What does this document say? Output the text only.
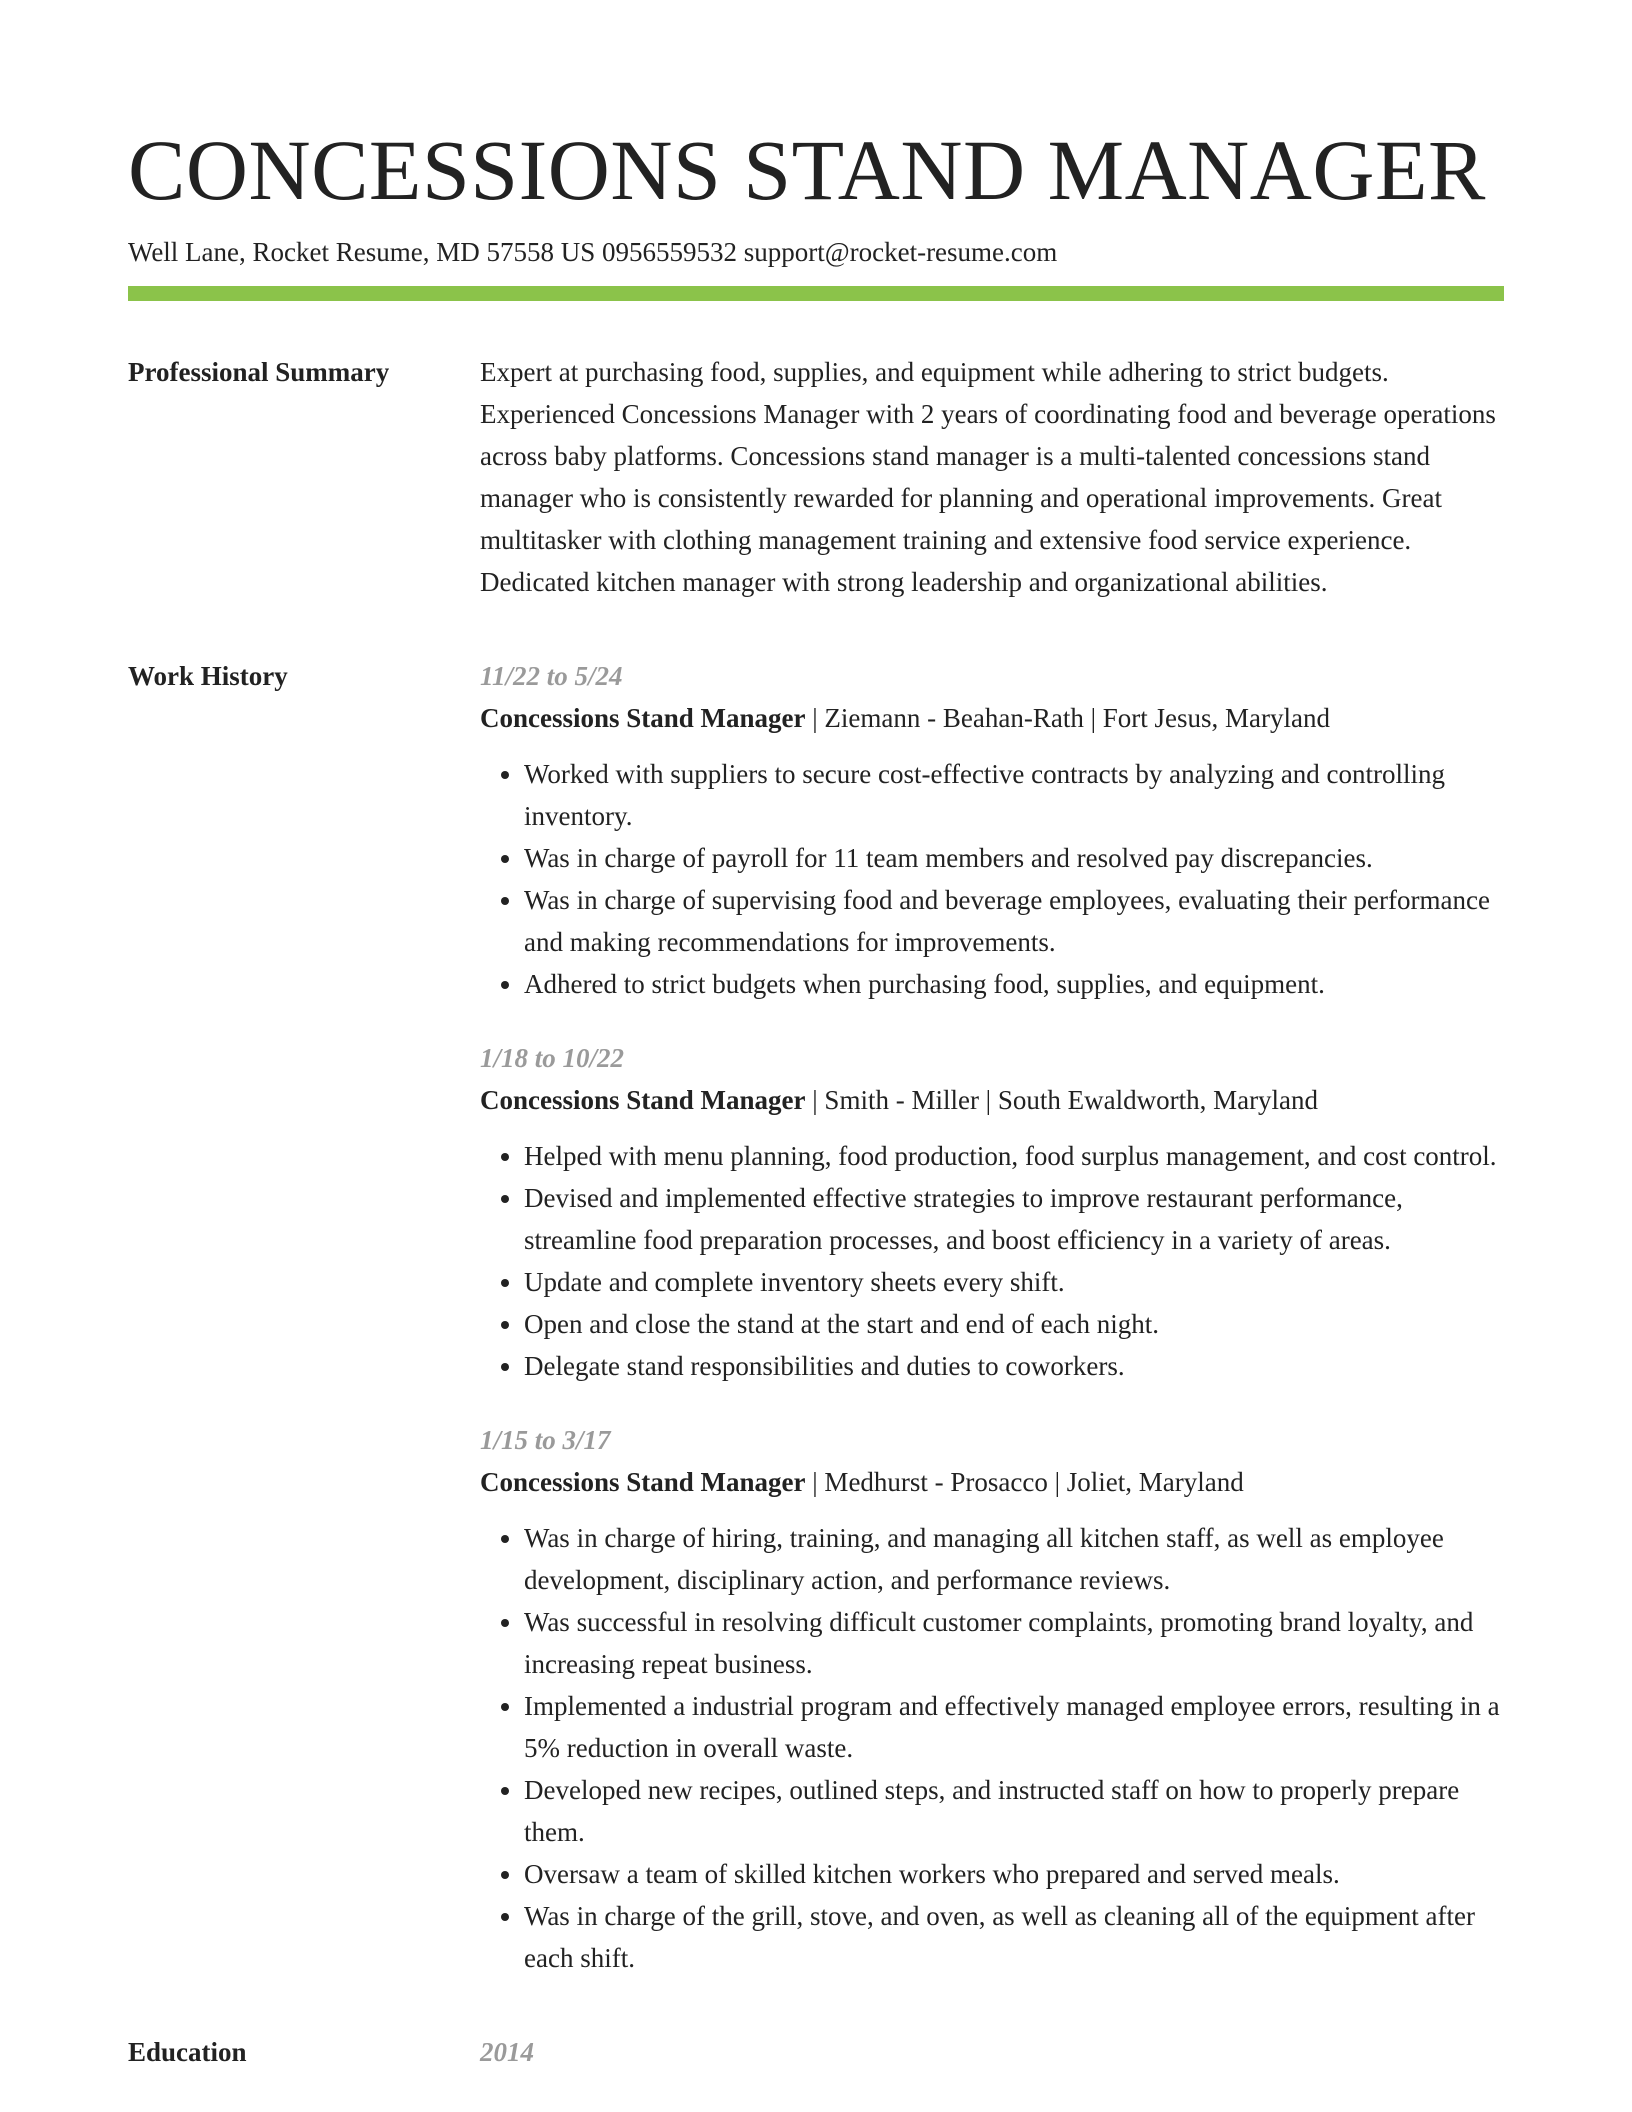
CONCESSIONS STAND MANAGER
Well Lane, Rocket Resume, MD 57558 US 0956559532 support@rocket-resume.com
Professional Summary	Expert at purchasing food, supplies, and equipment while adhering to strict budgets. Experienced Concessions Manager with 2 years of coordinating food and beverage operations across baby platforms. Concessions stand manager is a multi-talented concessions stand manager who is consistently rewarded for planning and operational improvements. Great multitasker with clothing management training and extensive food service experience. Dedicated kitchen manager with strong leadership and organizational abilities.

Work History	11/22 to 5/24
Concessions Stand Manager | Ziemann - Beahan-Rath | Fort Jesus, Maryland
• Worked with suppliers to secure cost-effective contracts by analyzing and controlling inventory.
• Was in charge of payroll for 11 team members and resolved pay discrepancies.
• Was in charge of supervising food and beverage employees, evaluating their performance and making recommendations for improvements.
• Adhered to strict budgets when purchasing food, supplies, and equipment.
1/18 to 10/22
Concessions Stand Manager | Smith - Miller | South Ewaldworth, Maryland
• Helped with menu planning, food production, food surplus management, and cost control.
• Devised and implemented effective strategies to improve restaurant performance, streamline food preparation processes, and boost efficiency in a variety of areas.
• Update and complete inventory sheets every shift.
• Open and close the stand at the start and end of each night.
• Delegate stand responsibilities and duties to coworkers.
1/15 to 3/17
Concessions Stand Manager | Medhurst - Prosacco | Joliet, Maryland
• Was in charge of hiring, training, and managing all kitchen staff, as well as employee development, disciplinary action, and performance reviews.
• Was successful in resolving difficult customer complaints, promoting brand loyalty, and increasing repeat business.
• Implemented a industrial program and effectively managed employee errors, resulting in a 5% reduction in overall waste.
• Developed new recipes, outlined steps, and instructed staff on how to properly prepare them.
• Oversaw a team of skilled kitchen workers who prepared and served meals.
• Was in charge of the grill, stove, and oven, as well as cleaning all of the equipment after each shift.
Education	2014
